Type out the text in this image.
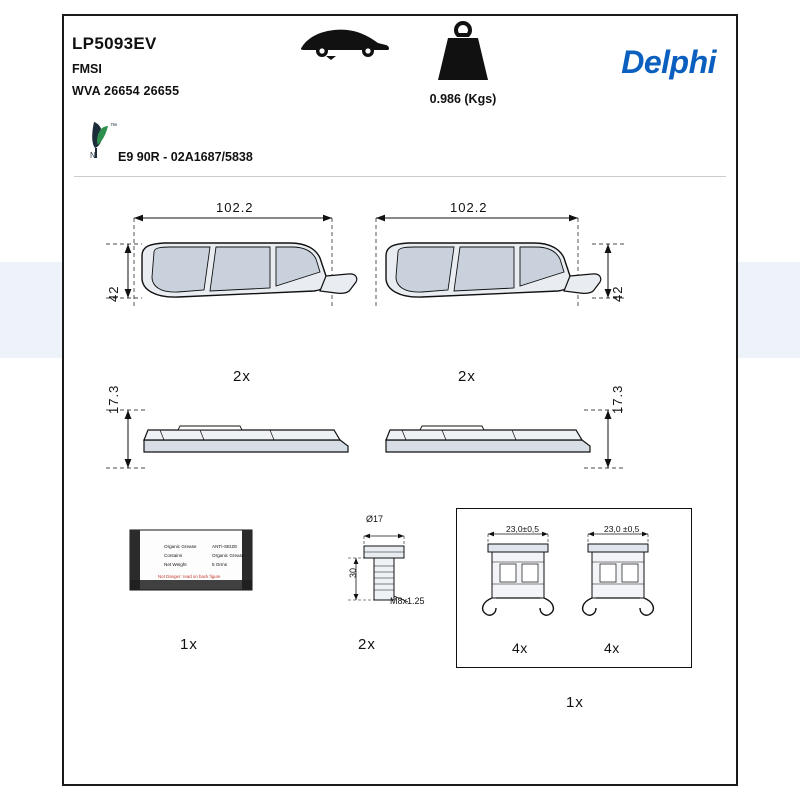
LP5093EV
FMSI
WVA 26654 26655
0.986 (Kgs)
Delphi
N
™
E9 90R - 02A1687/5838
102.2
42
102.2
42
2x	2x
17.3	17.3
Organic Grease	ANTI-SEIZE
Contains	Organic Grease
Net Weight	5 Grms
Not Danger: read on back figure
1x
Ø17
30
M8x1.25
2x
23,0±0,5	23,0 ±0,5
4x	4x
1x
